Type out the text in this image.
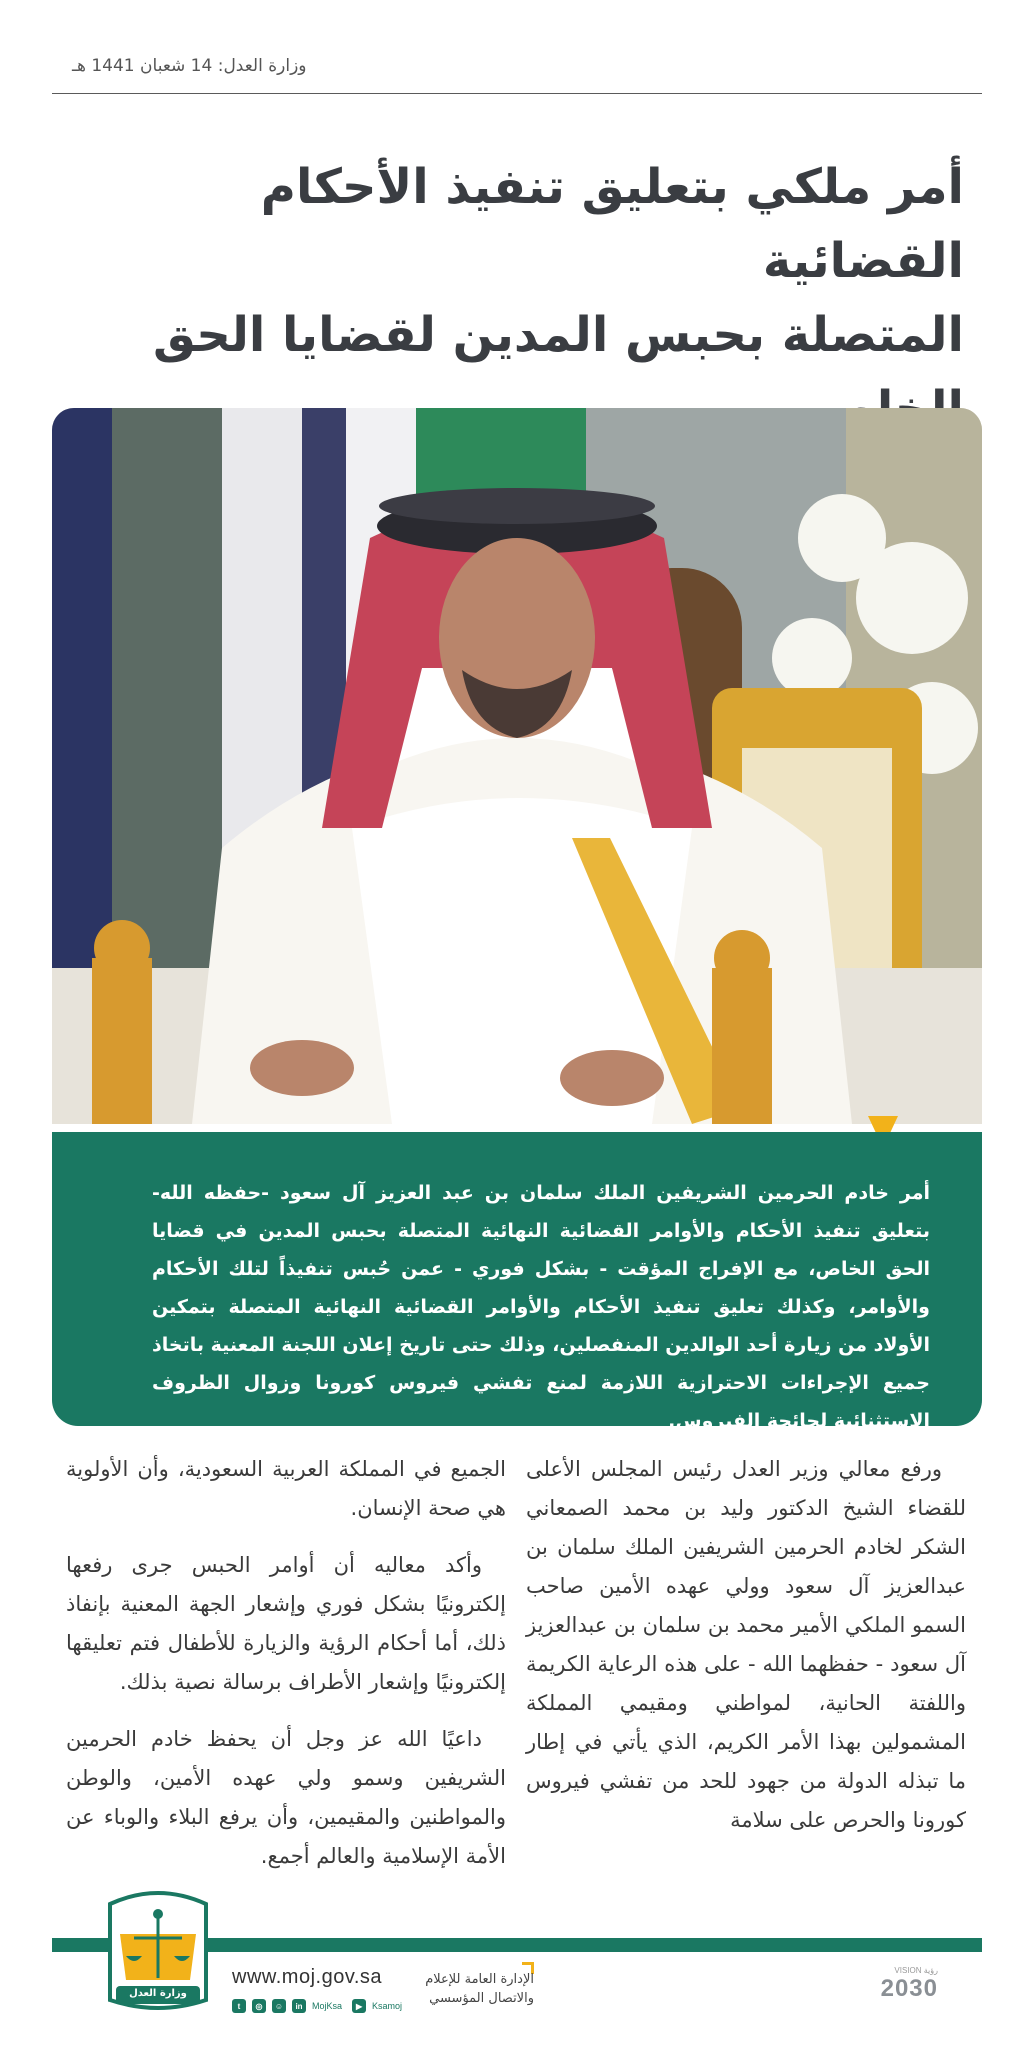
وزارة العدل: 14 شعبان 1441 هـ
أمر ملكي بتعليق تنفيذ الأحكام القضائية
المتصلة بحبس المدين لقضايا الحق

أمر خادم الحرمين الشريفين الملك سلمان بن عبد العزيز آل سعود -حفظه الله- بتعليق تنفيذ الأحكام والأوامر القضائية النهائية المتصلة بحبس المدين في قضايا الحق الخاص، مع الإفراج المؤقت - بشكل فوري - عمن حُبس تنفيذاً لتلك الأحكام والأوامر، وكذلك تعليق تنفيذ الأحكام والأوامر القضائية النهائية المتصلة بتمكين الأولاد من زيارة أحد الوالدين المنفصلين، وذلك حتى تاريخ إعلان اللجنة المعنية باتخاذ جميع الإجراءات الاحترازية اللازمة لمنع تفشي فيروس كورونا وزوال الظروف الاستثنائية لجائحة الفيروس.

ورفع معالي وزير العدل رئيس المجلس الأعلى للقضاء الشيخ الدكتور وليد بن محمد الصمعاني الشكر لخادم الحرمين الشريفين الملك سلمان بن عبدالعزيز آل سعود وولي عهده الأمين صاحب السمو الملكي الأمير محمد بن سلمان بن عبدالعزيز آل سعود - حفظهما الله - على هذه الرعاية الكريمة واللفتة الحانية، لمواطني ومقيمي المملكة المشمولين بهذا الأمر الكريم، الذي يأتي في إطار ما تبذله الدولة من جهود للحد من تفشي فيروس كورونا والحرص على سلامة

الجميع في المملكة العربية السعودية، وأن الأولوية هي صحة الإنسان.

وأكد معاليه أن أوامر الحبس جرى رفعها إلكترونيًا بشكل فوري وإشعار الجهة المعنية بإنفاذ ذلك، أما أحكام الرؤية والزيارة للأطفال فتم تعليقها إلكترونيًا وإشعار الأطراف برسالة نصية بذلك.

داعيًا الله عز وجل أن يحفظ خادم الحرمين الشريفين وسمو ولي عهده الأمين، والوطن والمواطنين والمقيمين، وأن يرفع البلاء والوباء عن الأمة الإسلامية والعالم أجمع.

وزارة العدل
www.moj.gov.sa
t	◎	☺	in	MojKsa	▶	Ksamoj
الإدارة العامة للإعلام
والاتصال المؤسسي
VISION رؤية
2030
